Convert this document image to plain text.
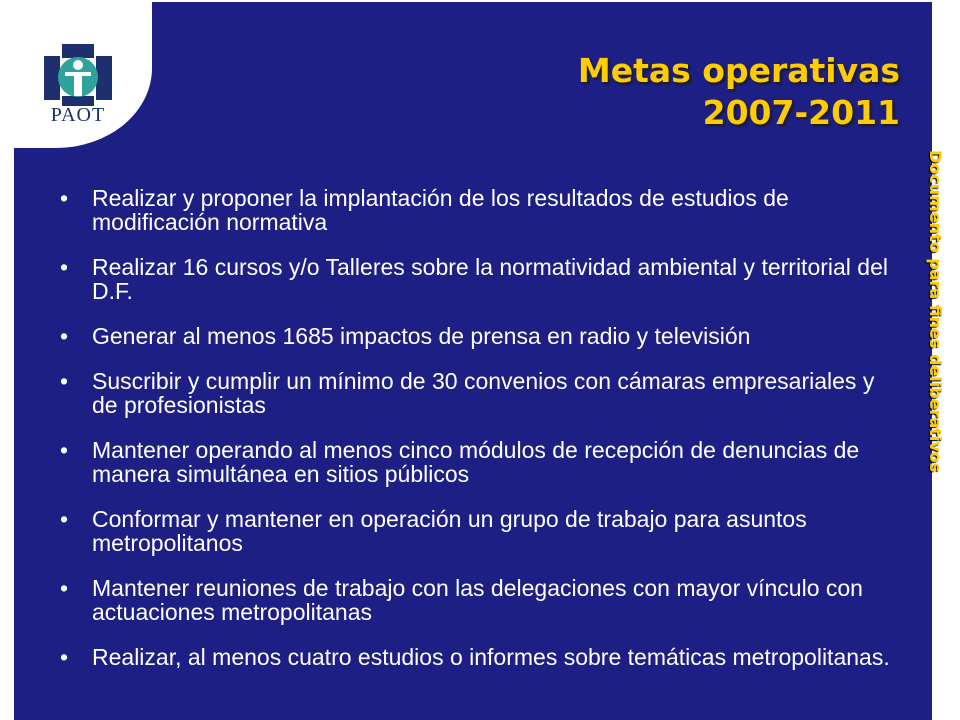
PAOT
Metas operativas
2007-2011
Documento para fines deliberativos
• Realizar y proponer la implantación de los resultados de estudios de modificación normativa
• Realizar 16 cursos y/o Talleres sobre la normatividad ambiental y territorial del D.F.
• Generar al menos 1685 impactos de prensa en radio y televisión
• Suscribir y cumplir un mínimo de 30 convenios con cámaras empresariales y de profesionistas
• Mantener operando al menos cinco módulos de recepción de denuncias de manera simultánea en sitios públicos
• Conformar y mantener en operación un grupo de trabajo para asuntos metropolitanos
• Mantener reuniones de trabajo con las delegaciones con mayor vínculo con actuaciones metropolitanas
• Realizar, al menos cuatro estudios o informes sobre temáticas metropolitanas.
